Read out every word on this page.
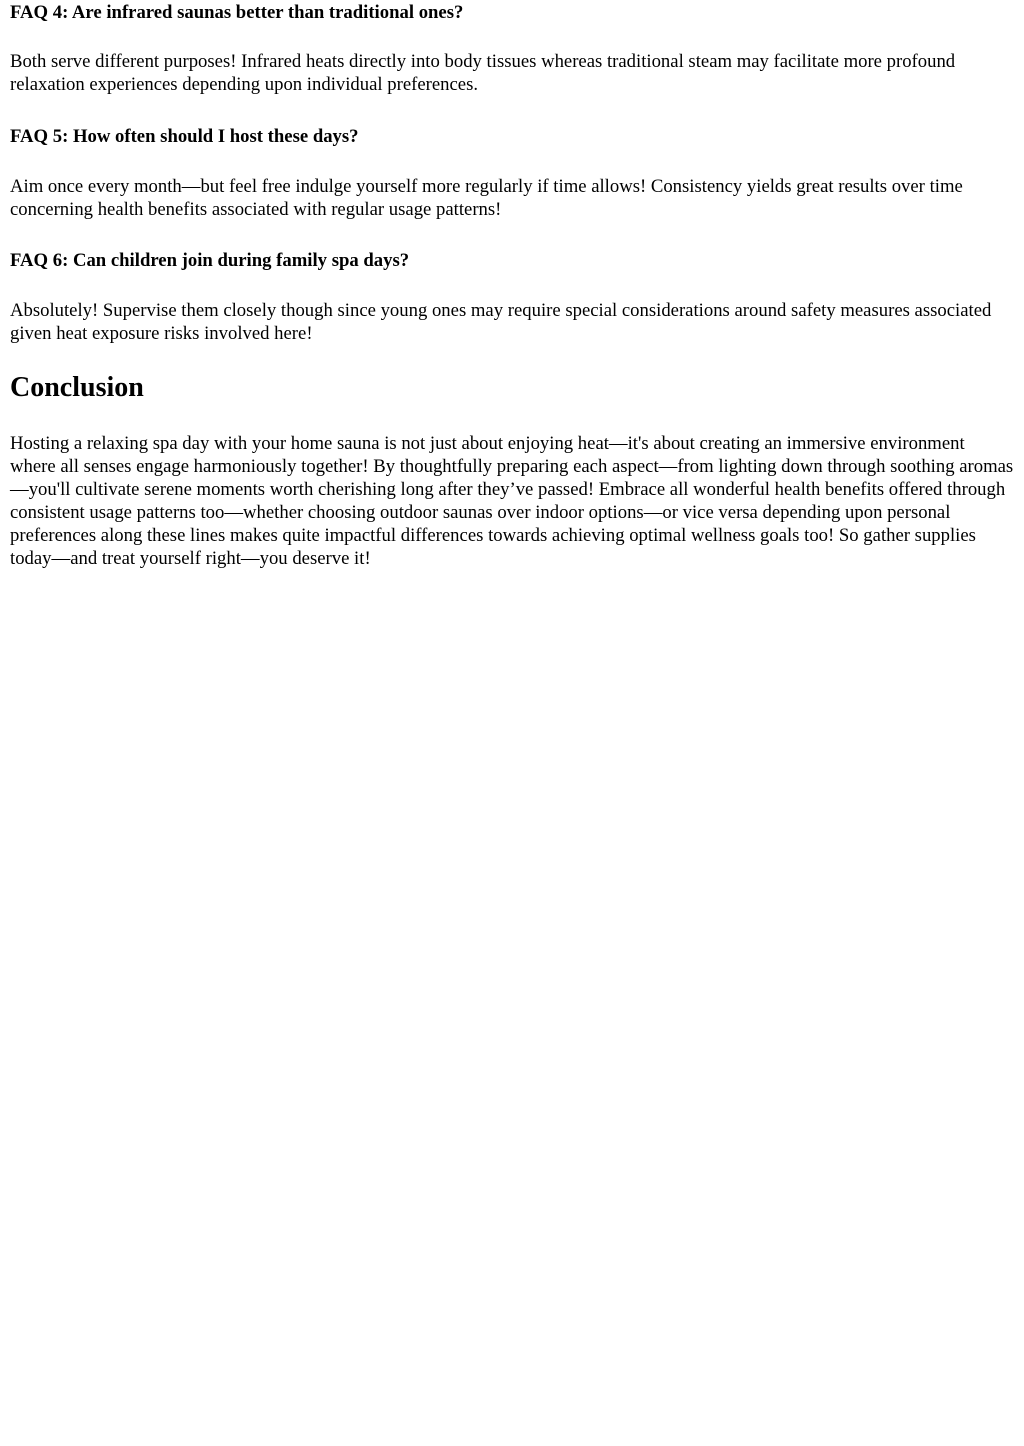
FAQ 4: Are infrared saunas better than traditional ones?

Both serve different purposes! Infrared heats directly into body tissues whereas traditional steam may facilitate more profound relaxation experiences depending upon individual preferences.

FAQ 5: How often should I host these days?

Aim once every month—but feel free indulge yourself more regularly if time allows! Consistency yields great results over time concerning health benefits associated with regular usage patterns!

FAQ 6: Can children join during family spa days?

Absolutely! Supervise them closely though since young ones may require special considerations around safety measures associated given heat exposure risks involved here!

Conclusion

Hosting a relaxing spa day with your home sauna is not just about enjoying heat—it's about creating an immersive environment where all senses engage harmoniously together! By thoughtfully preparing each aspect—from lighting down through soothing aromas—you'll cultivate serene moments worth cherishing long after they’ve passed! Embrace all wonderful health benefits offered through consistent usage patterns too—whether choosing outdoor saunas over indoor options—or vice versa depending upon personal preferences along these lines makes quite impactful differences towards achieving optimal wellness goals too! So gather supplies today—and treat yourself right—you deserve it!
